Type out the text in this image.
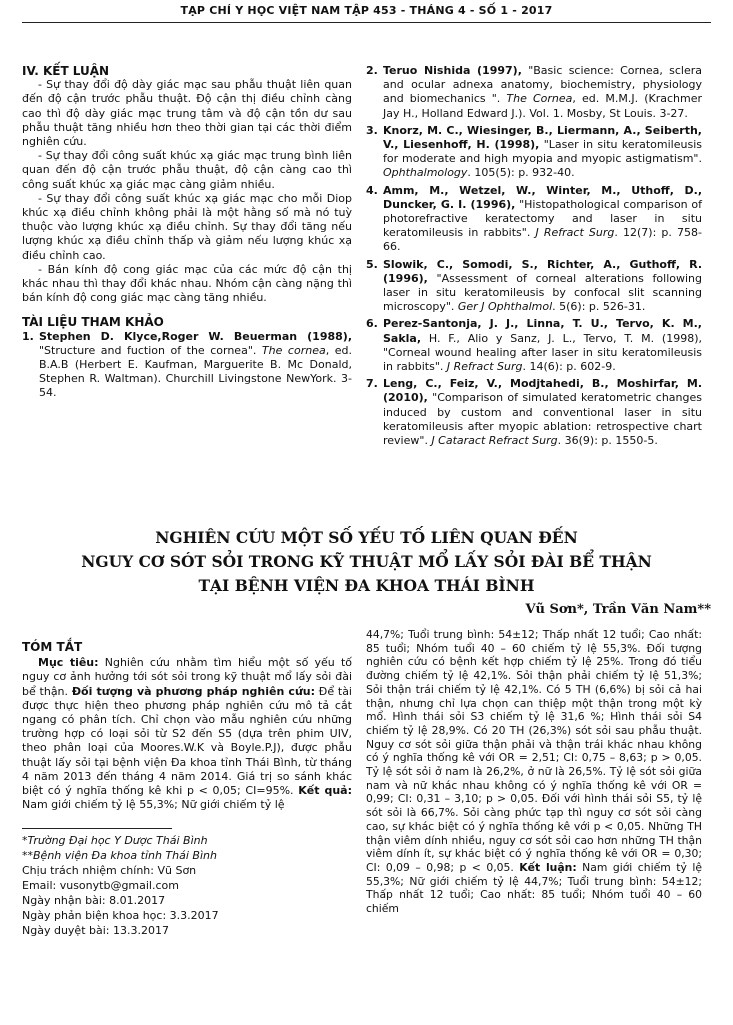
TẠP CHÍ Y HỌC VIỆT NAM TẬP 453 - THÁNG 4 - SỐ 1 - 2017

IV. KẾT LUẬN

- Sự thay đổi độ dày giác mạc sau phẫu thuật liên quan đến độ cận trước phẫu thuật. Độ cận thị điều chỉnh càng cao thì độ dày giác mạc trung tâm và độ cận tồn dư sau phẫu thuật tăng nhiều hơn theo thời gian tại các thời điểm nghiên cứu.

- Sự thay đổi công suất khúc xạ giác mạc trung bình liên quan đến độ cận trước phẫu thuật, độ cận càng cao thì công suất khúc xạ giác mạc càng giảm nhiều.

- Sự thay đổi công suất khúc xạ giác mạc cho mỗi Diop khúc xạ điều chỉnh không phải là một hằng số mà nó tuỳ thuộc vào lượng khúc xạ điều chỉnh. Sự thay đổi tăng nếu lượng khúc xạ điều chỉnh thấp và giảm nếu lượng khúc xạ điều chỉnh cao.

- Bán kính độ cong giác mạc của các mức độ cận thị khác nhau thì thay đổi khác nhau. Nhóm cận càng nặng thì bán kính độ cong giác mạc càng tăng nhiều.

TÀI LIỆU THAM KHẢO

1. Stephen D. Klyce,Roger W. Beuerman (1988), "Structure and fuction of the cornea". The cornea, ed. B.A.B (Herbert E. Kaufman, Marguerite B. Mc Donald, Stephen R. Waltman). Churchill Livingstone NewYork. 3-54.
2. Teruo Nishida (1997), "Basic science: Cornea, sclera and ocular adnexa anatomy, biochemistry, physiology and biomechanics ". The Cornea, ed. M.M.J. (Krachmer Jay H., Holland Edward J.). Vol. 1. Mosby, St Louis. 3-27.
3. Knorz, M. C., Wiesinger, B., Liermann, A., Seiberth, V., Liesenhoff, H. (1998), "Laser in situ keratomileusis for moderate and high myopia and myopic astigmatism". Ophthalmology. 105(5): p. 932-40.
4. Amm, M., Wetzel, W., Winter, M., Uthoff, D., Duncker, G. I. (1996), "Histopathological comparison of photorefractive keratectomy and laser in situ keratomileusis in rabbits". J Refract Surg. 12(7): p. 758-66.
5. Slowik, C., Somodi, S., Richter, A., Guthoff, R. (1996), "Assessment of corneal alterations following laser in situ keratomileusis by confocal slit scanning microscopy". Ger J Ophthalmol. 5(6): p. 526-31.
6. Perez-Santonja, J. J., Linna, T. U., Tervo, K. M., Sakla, H. F., Alio y Sanz, J. L., Tervo, T. M. (1998), "Corneal wound healing after laser in situ keratomileusis in rabbits". J Refract Surg. 14(6): p. 602-9.
7. Leng, C., Feiz, V., Modjtahedi, B., Moshirfar, M. (2010), "Comparison of simulated keratometric changes induced by custom and conventional laser in situ keratomileusis after myopic ablation: retrospective chart review". J Cataract Refract Surg. 36(9): p. 1550-5.
NGHIÊN CỨU MỘT SỐ YẾU TỐ LIÊN QUAN ĐẾN
NGUY CƠ SÓT SỎI TRONG KỸ THUẬT MỔ LẤY SỎI ĐÀI BỂ THẬN
TẠI BỆNH VIỆN ĐA KHOA THÁI BÌNH
Vũ Sơn*, Trần Văn Nam**

TÓM TẮT

Mục tiêu: Nghiên cứu nhằm tìm hiểu một số yếu tố nguy cơ ảnh hưởng tới sót sỏi trong kỹ thuật mổ lấy sỏi đài bể thận. Đối tượng và phương pháp nghiên cứu: Để tài được thực hiện theo phương pháp nghiên cứu mô tả cắt ngang có phân tích. Chỉ chọn vào mẫu nghiên cứu những trường hợp có loại sỏi từ S2 đến S5 (dựa trên phim UIV, theo phân loại của Moores.W.K và Boyle.P.J), được phẫu thuật lấy sỏi tại bệnh viện Đa khoa tỉnh Thái Bình, từ tháng 4 năm 2013 đến tháng 4 năm 2014. Giá trị so sánh khác biệt có ý nghĩa thống kê khi p < 0,05; CI=95%. Kết quả: Nam giới chiếm tỷ lệ 55,3%; Nữ giới chiếm tỷ lệ

*Trường Đại học Y Dược Thái Bình
**Bệnh viện Đa khoa tỉnh Thái Bình
Chịu trách nhiệm chính: Vũ Sơn
Email: vusonytb@gmail.com
Ngày nhận bài: 8.01.2017
Ngày phản biện khoa học: 3.3.2017
Ngày duyệt bài: 13.3.2017

44,7%; Tuổi trung bình: 54±12; Thấp nhất 12 tuổi; Cao nhất: 85 tuổi; Nhóm tuổi 40 – 60 chiếm tỷ lệ 55,3%. Đối tượng nghiên cứu có bệnh kết hợp chiếm tỷ lệ 25%. Trong đó tiểu đường chiếm tỷ lệ 42,1%. Sỏi thận phải chiếm tỷ lệ 51,3%; Sỏi thận trái chiếm tỷ lệ 42,1%. Có 5 TH (6,6%) bị sỏi cả hai thận, nhưng chỉ lựa chọn can thiệp một thận trong một kỳ mổ. Hình thái sỏi S3 chiếm tỷ lệ 31,6 %; Hình thái sỏi S4 chiếm tỷ lệ 28,9%. Có 20 TH (26,3%) sót sỏi sau phẫu thuật. Nguy cơ sót sỏi giữa thận phải và thận trái khác nhau không có ý nghĩa thống kê với OR = 2,51; CI: 0,75 – 8,63; p > 0,05. Tỷ lệ sót sỏi ở nam là 26,2%, ở nữ là 26,5%. Tỷ lệ sót sỏi giữa nam và nữ khác nhau không có ý nghĩa thống kê với OR = 0,99; CI: 0,31 – 3,10; p > 0,05. Đối với hình thái sỏi S5, tỷ lệ sót sỏi là 66,7%. Sỏi càng phức tạp thì nguy cơ sót sỏi càng cao, sự khác biệt có ý nghĩa thống kê với p < 0,05. Những TH thận viêm dính nhiều, nguy cơ sót sỏi cao hơn những TH thận viêm dính ít, sự khác biệt có ý nghĩa thống kê với OR = 0,30; CI: 0,09 – 0,98; p < 0,05. Kết luận: Nam giới chiếm tỷ lệ 55,3%; Nữ giới chiếm tỷ lệ 44,7%; Tuổi trung bình: 54±12; Thấp nhất 12 tuổi; Cao nhất: 85 tuổi; Nhóm tuổi 40 – 60 chiếm
